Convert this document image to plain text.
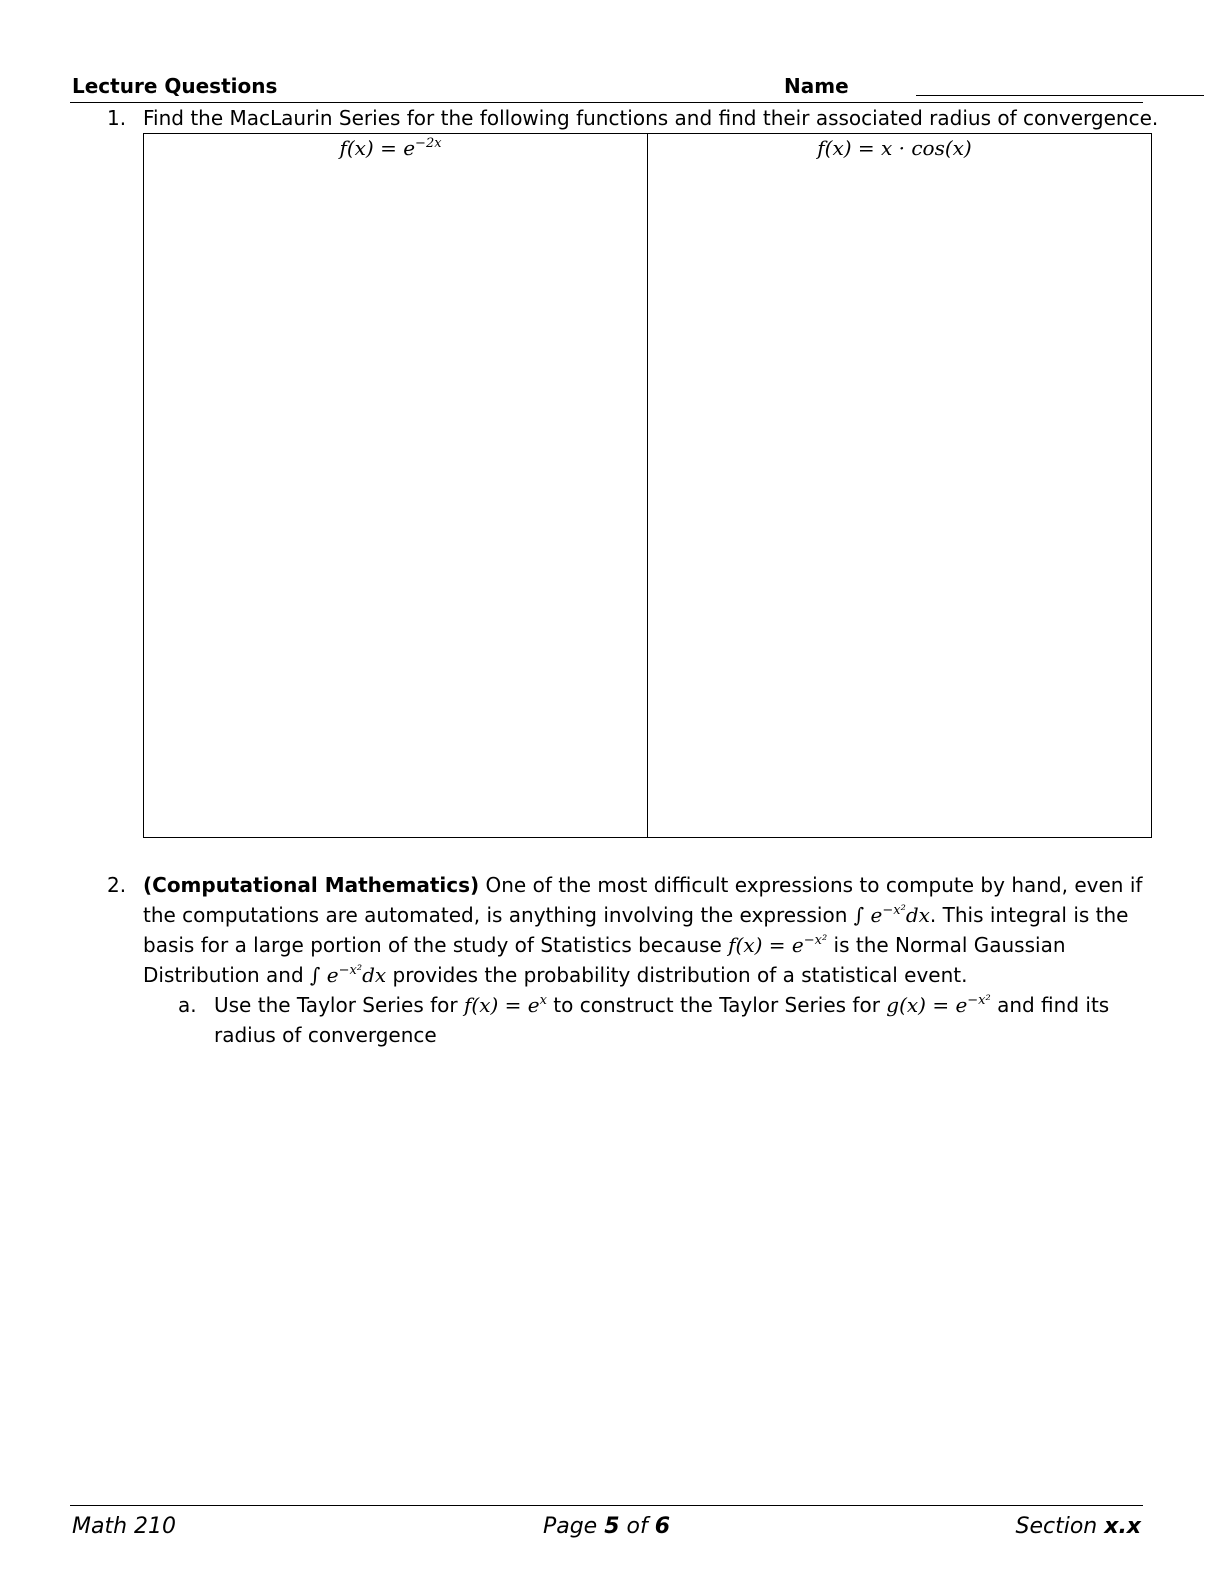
Lecture Questions	Name
1. Find the MacLaurin Series for the following functions and find their associated radius of convergence.
$f(x) = e^{-2x}$	f(x) = x · cos(x)
2. (Computational Mathematics) One of the most difficult expressions to compute by hand, even if the computations are automated, is anything involving the expression ∫ $e^{-x^2}dx$. This integral is the basis for a large portion of the study of Statistics because $f(x) = e^{-x^2}$ is the Normal Gaussian Distribution and ∫ $e^{-x^2}dx$ provides the probability distribution of a statistical event.
a. Use the Taylor Series for $f(x) = e^x$ to construct the Taylor Series for $g(x) = e^{-x^2}$ and find its radius of convergence
Math 210	Page 5 of 6	Section x.x
